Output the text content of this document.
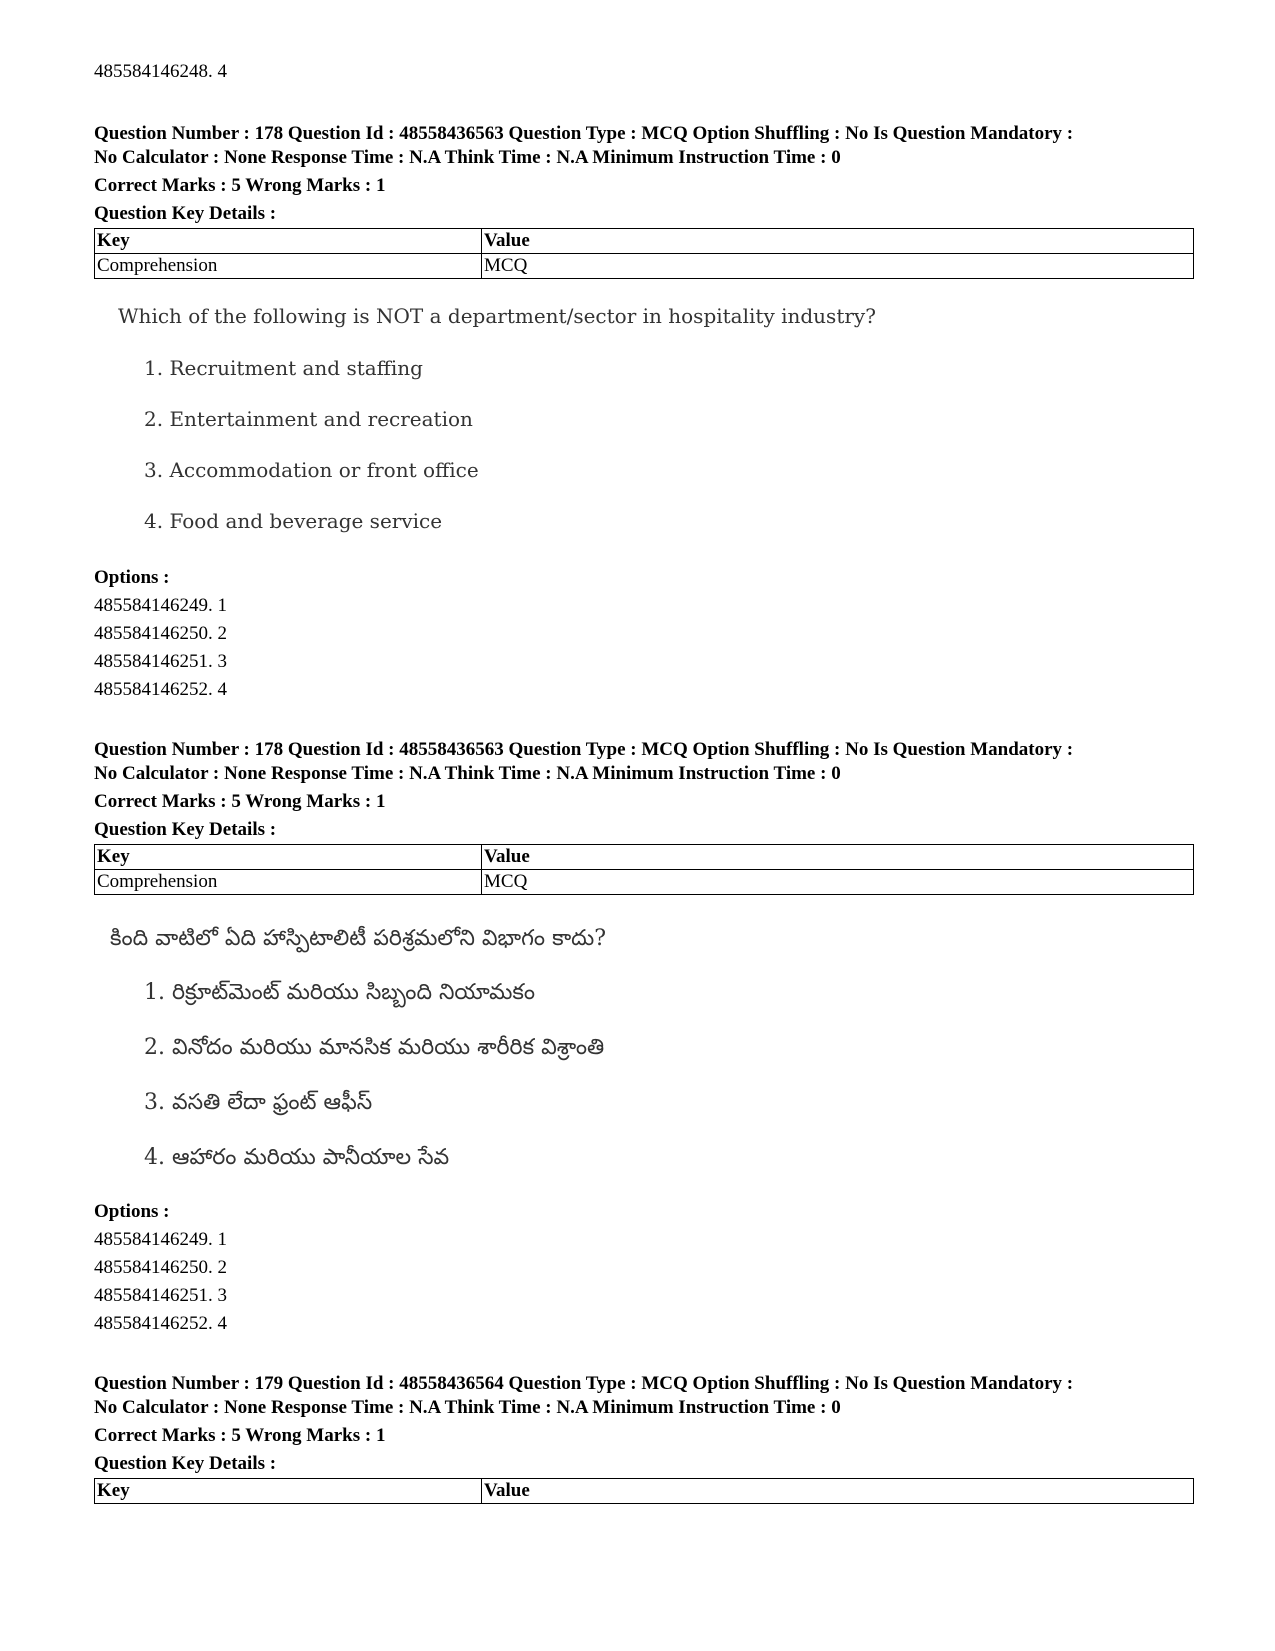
485584146248. 4

Question Number : 178 Question Id : 48558436563 Question Type : MCQ Option Shuffling : No Is Question Mandatory :

No Calculator : None Response Time : N.A Think Time : N.A Minimum Instruction Time : 0

Correct Marks : 5 Wrong Marks : 1

Question Key Details :

Key	Value
Comprehension	MCQ

Which of the following is NOT a department/sector in hospitality industry?

1. Recruitment and staffing

2. Entertainment and recreation

3. Accommodation or front office

4. Food and beverage service

Options :

485584146249. 1

485584146250. 2

485584146251. 3

485584146252. 4

Question Number : 178 Question Id : 48558436563 Question Type : MCQ Option Shuffling : No Is Question Mandatory :

No Calculator : None Response Time : N.A Think Time : N.A Minimum Instruction Time : 0

Correct Marks : 5 Wrong Marks : 1

Question Key Details :

Key	Value
Comprehension	MCQ

కింది వాటిలో ఏది హాస్పిటాలిటీ పరిశ్రమలోని విభాగం కాదు?

1. రిక్రూట్‌మెంట్ మరియు సిబ్బంది నియామకం

2. వినోదం మరియు మానసిక మరియు శారీరిక విశ్రాంతి

3. వసతి లేదా ఫ్రంట్ ఆఫీస్

4. ఆహారం మరియు పానీయాల సేవ

Options :

485584146249. 1

485584146250. 2

485584146251. 3

485584146252. 4

Question Number : 179 Question Id : 48558436564 Question Type : MCQ Option Shuffling : No Is Question Mandatory :

No Calculator : None Response Time : N.A Think Time : N.A Minimum Instruction Time : 0

Correct Marks : 5 Wrong Marks : 1

Question Key Details :

Key	Value
